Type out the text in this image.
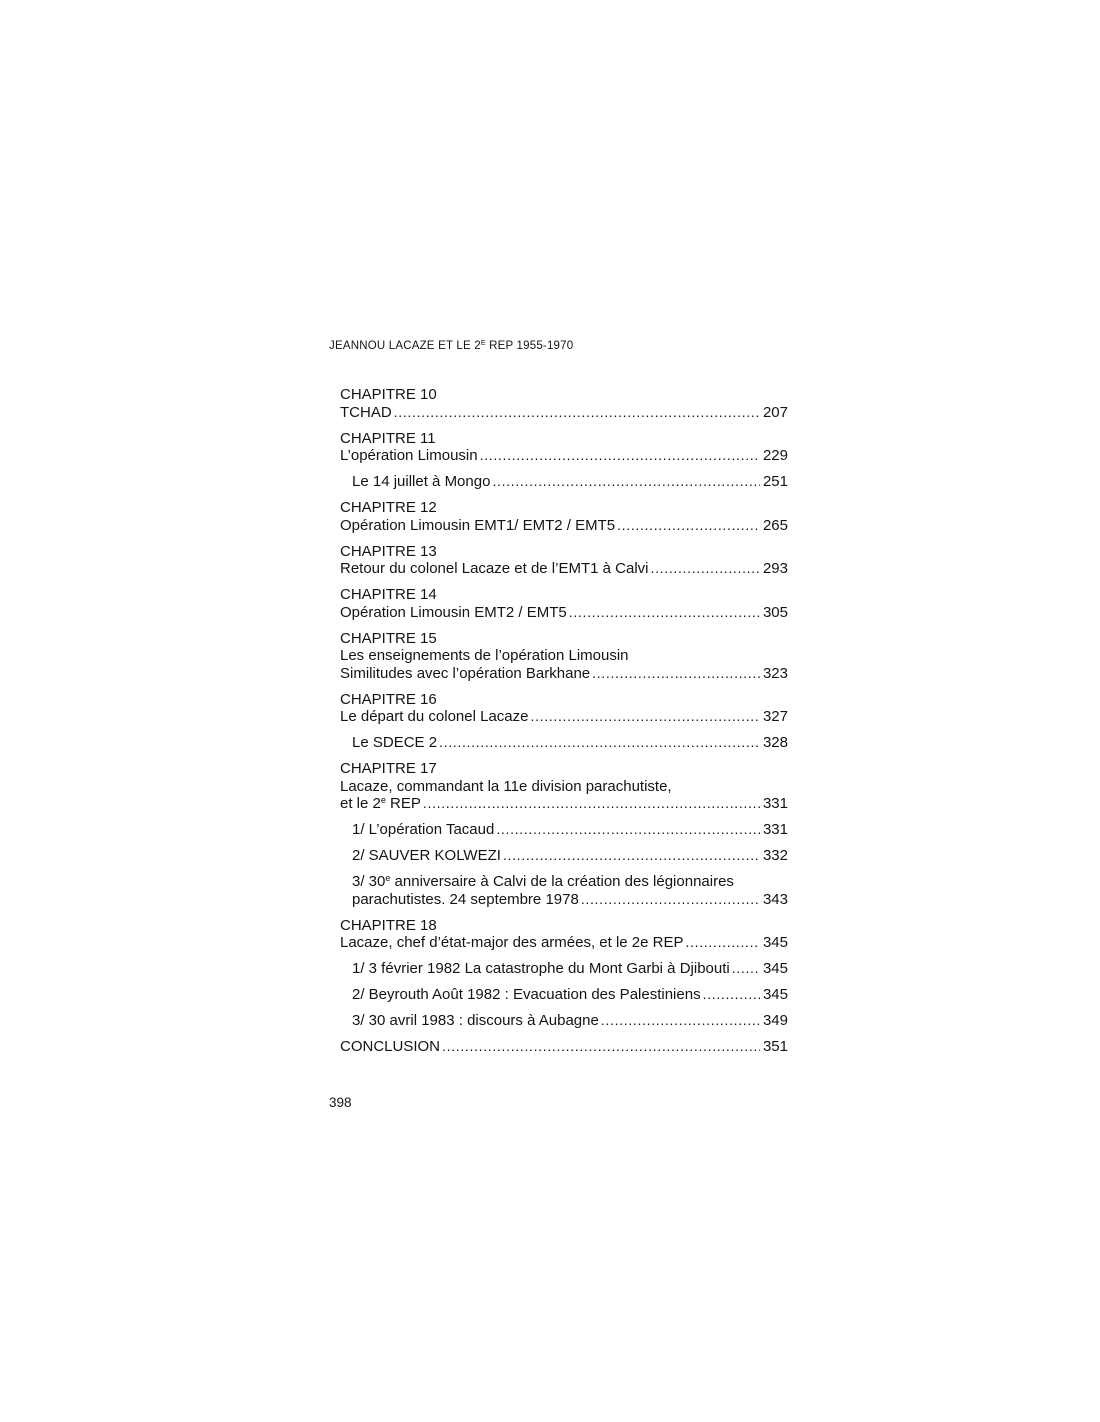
JEANNOU LACAZE ET LE $2^E$ REP 1955-1970
CHAPITRE 10
TCHAD . . .	207
CHAPITRE 11
L’opération Limousin . . .	229
Le 14 juillet à Mongo . . .	251
CHAPITRE 12
Opération Limousin EMT1/ EMT2 / EMT5 . . .	265
CHAPITRE 13
Retour du colonel Lacaze et de l’EMT1 à Calvi . . .	293
CHAPITRE 14
Opération Limousin EMT2 / EMT5 . . .	305
CHAPITRE 15
Les enseignements de l’opération Limousin
Similitudes avec l’opération Barkhane . . .	323
CHAPITRE 16
Le départ du colonel Lacaze . . .	327
Le SDECE 2 . . .	328
CHAPITRE 17
Lacaze, commandant la 11e division parachutiste,
et le 2e REP . . .	331
1/ L’opération Tacaud . . .	331
2/ SAUVER KOLWEZI . . .	332
3/ 30e anniversaire à Calvi de la création des légionnaires
parachutistes. 24 septembre 1978 . . .	343
CHAPITRE 18
Lacaze, chef d’état-major des armées, et le 2e REP . . .	345
1/ 3 février 1982 La catastrophe du Mont Garbi à Djibouti . . . 345
2/ Beyrouth Août 1982 : Evacuation des Palestiniens . . .	345
3/ 30 avril 1983 : discours à Aubagne . . .	349
CONCLUSION . . .	351
398
